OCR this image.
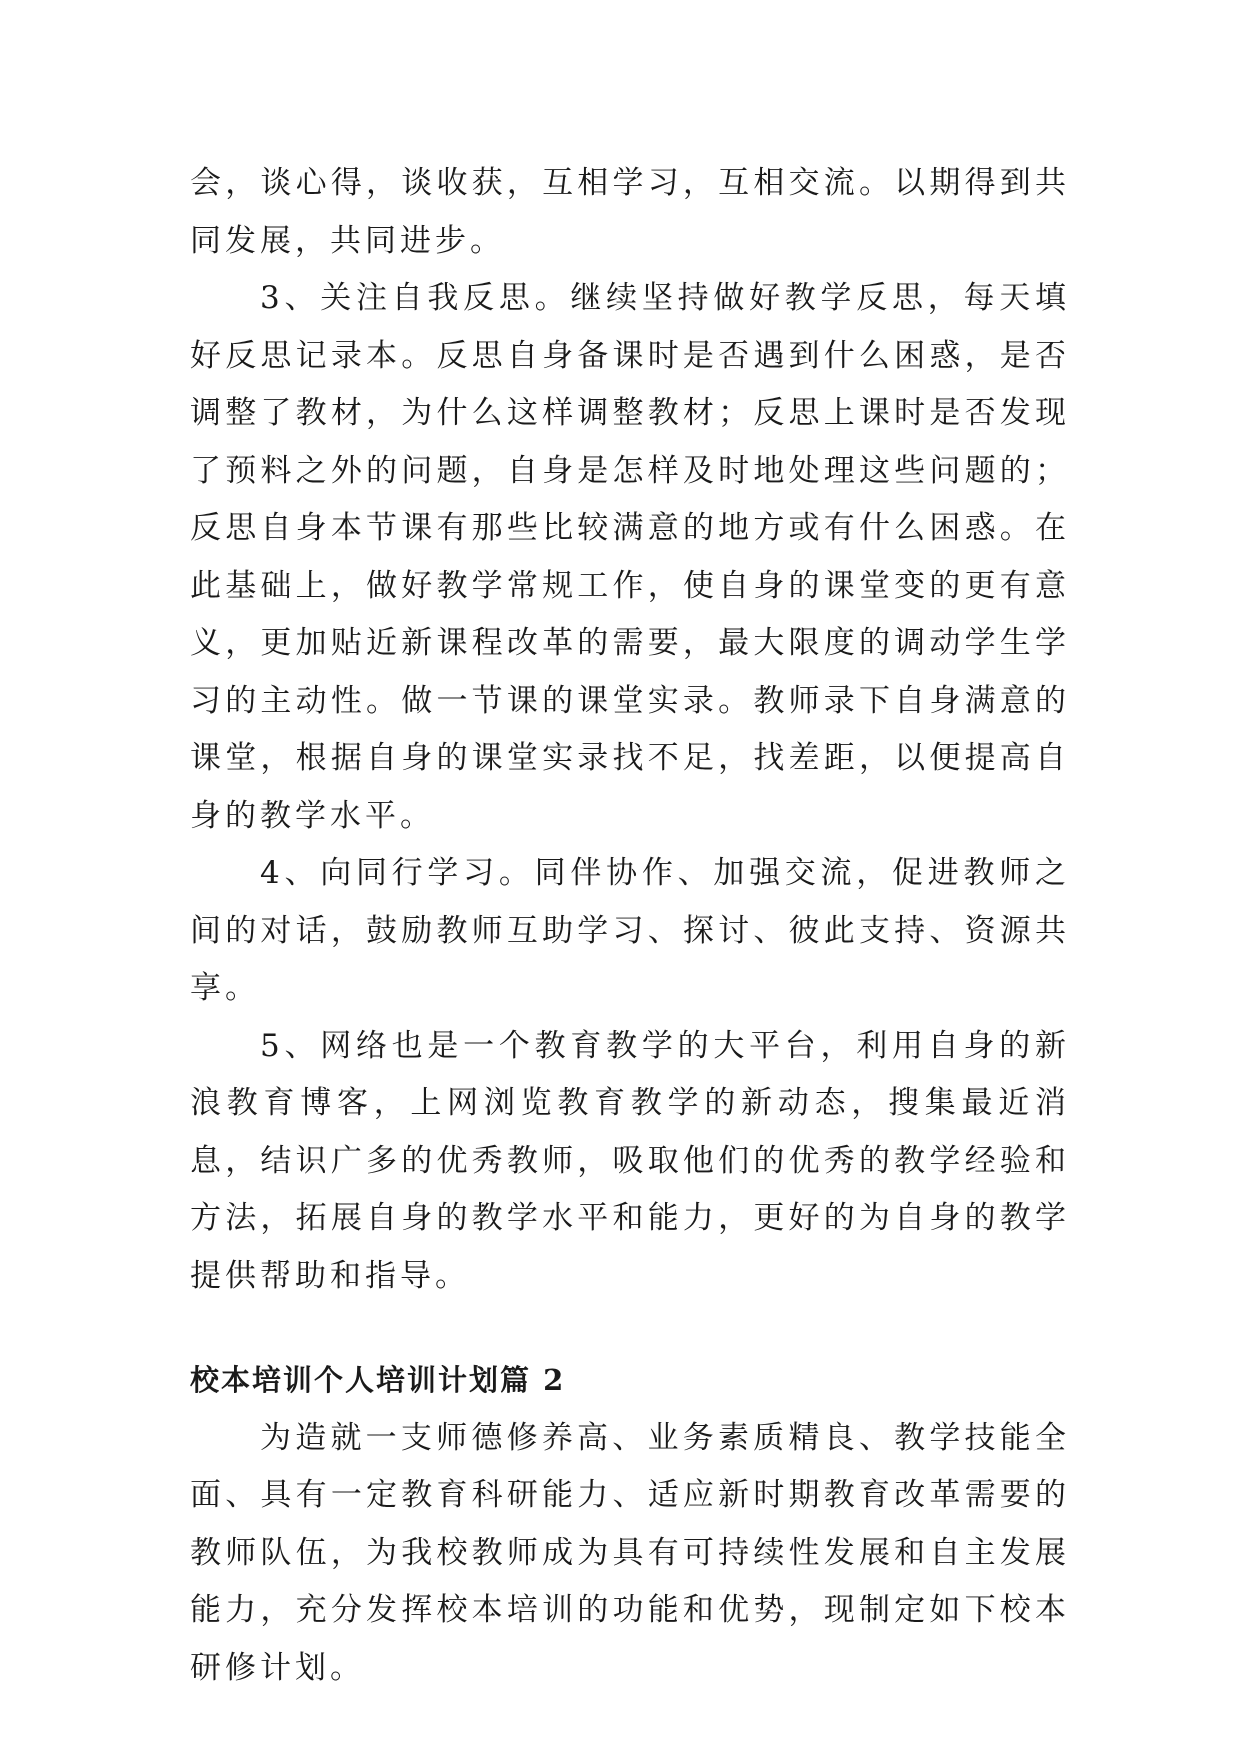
会，谈心得，谈收获，互相学习，互相交流。以期得到共同发展，共同进步。

3、关注自我反思。继续坚持做好教学反思，每天填好反思记录本。反思自身备课时是否遇到什么困惑，是否调整了教材，为什么这样调整教材；反思上课时是否发现了预料之外的问题，自身是怎样及时地处理这些问题的；反思自身本节课有那些比较满意的地方或有什么困惑。在此基础上，做好教学常规工作，使自身的课堂变的更有意义，更加贴近新课程改革的需要，最大限度的调动学生学习的主动性。做一节课的课堂实录。教师录下自身满意的课堂，根据自身的课堂实录找不足，找差距，以便提高自身的教学水平。

4、向同行学习。同伴协作、加强交流，促进教师之间的对话，鼓励教师互助学习、探讨、彼此支持、资源共享。

5、网络也是一个教育教学的大平台，利用自身的新浪教育博客，上网浏览教育教学的新动态，搜集最近消息，结识广多的优秀教师，吸取他们的优秀的教学经验和方法，拓展自身的教学水平和能力，更好的为自身的教学提供帮助和指导。

校本培训个人培训计划篇 2

为造就一支师德修养高、业务素质精良、教学技能全面、具有一定教育科研能力、适应新时期教育改革需要的教师队伍，为我校教师成为具有可持续性发展和自主发展能力，充分发挥校本培训的功能和优势，现制定如下校本研修计划。
